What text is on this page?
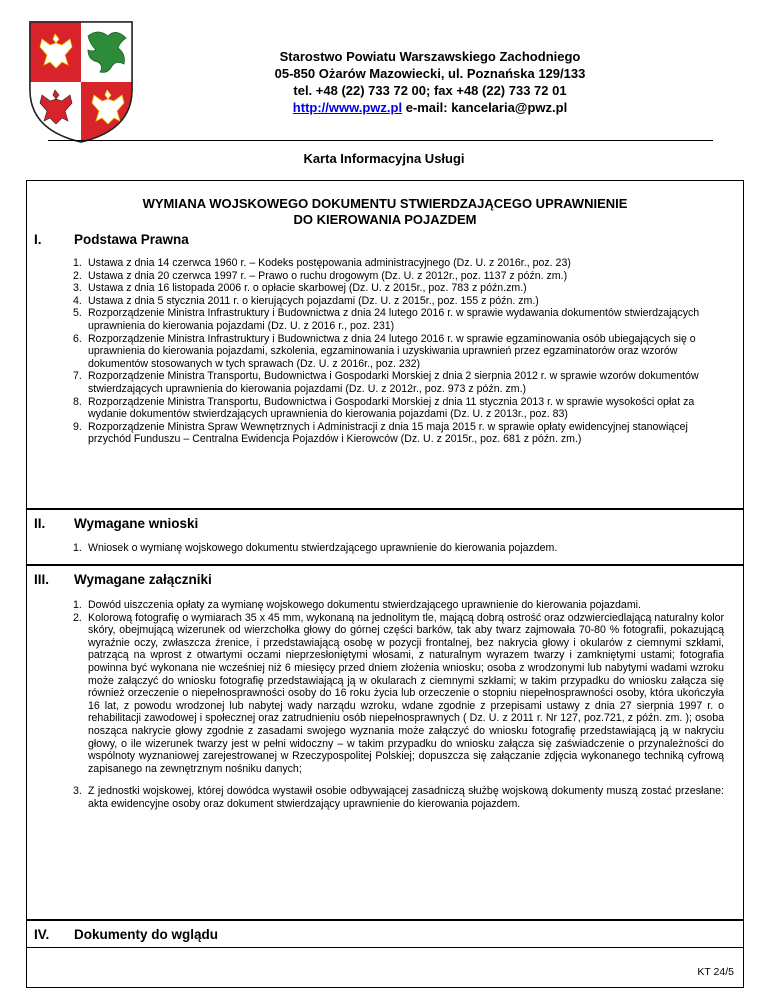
Starostwo Powiatu Warszawskiego Zachodniego
05-850 Ożarów Mazowiecki, ul. Poznańska 129/133
tel. +48 (22) 733 72 00; fax +48 (22) 733 72 01
http://www.pwz.pl e-mail: kancelaria@pwz.pl
Karta Informacyjna Usługi
WYMIANA WOJSKOWEGO DOKUMENTU STWIERDZAJĄCEGO UPRAWNIENIE
DO KIEROWANIA POJAZDEM
I. Podstawa Prawna
1. Ustawa z dnia 14 czerwca 1960 r. – Kodeks postępowania administracyjnego (Dz. U. z 2016r., poz. 23)
2. Ustawa z dnia 20 czerwca 1997 r. – Prawo o ruchu drogowym (Dz. U. z 2012r., poz. 1137 z późn. zm.)
3. Ustawa z dnia 16 listopada 2006 r. o opłacie skarbowej (Dz. U. z 2015r., poz. 783 z późn.zm.)
4. Ustawa z dnia 5 stycznia 2011 r. o kierujących pojazdami (Dz. U. z 2015r., poz. 155 z późn. zm.)
5. Rozporządzenie Ministra Infrastruktury i Budownictwa z dnia 24 lutego 2016 r. w sprawie wydawania dokumentów stwierdzających uprawnienia do kierowania pojazdami (Dz. U. z 2016 r., poz. 231)
6. Rozporządzenie Ministra Infrastruktury i Budownictwa z dnia 24 lutego 2016 r. w sprawie egzaminowania osób ubiegających się o uprawnienia do kierowania pojazdami, szkolenia, egzaminowania i uzyskiwania uprawnień przez egzaminatorów oraz wzorów dokumentów stosowanych w tych sprawach (Dz. U. z 2016r., poz. 232)
7. Rozporządzenie Ministra Transportu, Budownictwa i Gospodarki Morskiej z dnia 2 sierpnia 2012 r. w sprawie wzorów dokumentów stwierdzających uprawnienia do kierowania pojazdami (Dz. U. z 2012r., poz. 973 z późn. zm.)
8. Rozporządzenie Ministra Transportu, Budownictwa i Gospodarki Morskiej z dnia 11 stycznia 2013 r. w sprawie wysokości opłat za wydanie dokumentów stwierdzających uprawnienia do kierowania pojazdami (Dz. U. z 2013r., poz. 83)
9. Rozporządzenie Ministra Spraw Wewnętrznych i Administracji z dnia 15 maja 2015 r. w sprawie opłaty ewidencyjnej stanowiącej przychód Funduszu – Centralna Ewidencja Pojazdów i Kierowców (Dz. U. z 2015r., poz. 681 z późn. zm.)
II. Wymagane wnioski
1. Wniosek o wymianę wojskowego dokumentu stwierdzającego uprawnienie do kierowania pojazdem.
III. Wymagane załączniki
1. Dowód uiszczenia opłaty za wymianę wojskowego dokumentu stwierdzającego uprawnienie do kierowania pojazdami.
2. Kolorową fotografię o wymiarach 35 x 45 mm, wykonaną na jednolitym tle, mającą dobrą ostrość oraz odzwierciedlającą naturalny kolor skóry, obejmującą wizerunek od wierzchołka głowy do górnej części barków, tak aby twarz zajmowała 70-80 % fotografii, pokazującą wyraźnie oczy, zwłaszcza źrenice, i przedstawiającą osobę w pozycji frontalnej, bez nakrycia głowy i okularów z ciemnymi szkłami, patrzącą na wprost z otwartymi oczami nieprzesłoniętymi włosami, z naturalnym wyrazem twarzy i zamkniętymi ustami; fotografia powinna być wykonana nie wcześniej niż 6 miesięcy przed dniem złożenia wniosku; osoba z wrodzonymi lub nabytymi wadami wzroku może załączyć do wniosku fotografię przedstawiającą ją w okularach z ciemnymi szkłami; w takim przypadku do wniosku załącza się również orzeczenie o niepełnosprawności osoby do 16 roku życia lub orzeczenie o stopniu niepełnosprawności osoby, która ukończyła 16 lat, z powodu wrodzonej lub nabytej wady narządu wzroku, wdane zgodnie z przepisami ustawy z dnia 27 sierpnia 1997 r. o rehabilitacji zawodowej i społecznej oraz zatrudnieniu osób niepełnosprawnych ( Dz. U. z 2011 r. Nr 127, poz.721, z późn. zm. ); osoba nosząca nakrycie głowy zgodnie z zasadami swojego wyznania może załączyć do wniosku fotografię przedstawiającą ją w nakryciu głowy, o ile wizerunek twarzy jest w pełni widoczny – w takim przypadku do wniosku załącza się zaświadczenie o przynależności do wspólnoty wyznaniowej zarejestrowanej w Rzeczypospolitej Polskiej; dopuszcza się załączanie zdjęcia wykonanego techniką cyfrową zapisanego na zewnętrznym nośniku danych;
3. Z jednostki wojskowej, której dowódca wystawił osobie odbywającej zasadniczą służbę wojskową dokumenty muszą zostać przesłane: akta ewidencyjne osoby oraz dokument stwierdzający uprawnienie do kierowania pojazdem.
IV. Dokumenty do wglądu
KT 24/5
